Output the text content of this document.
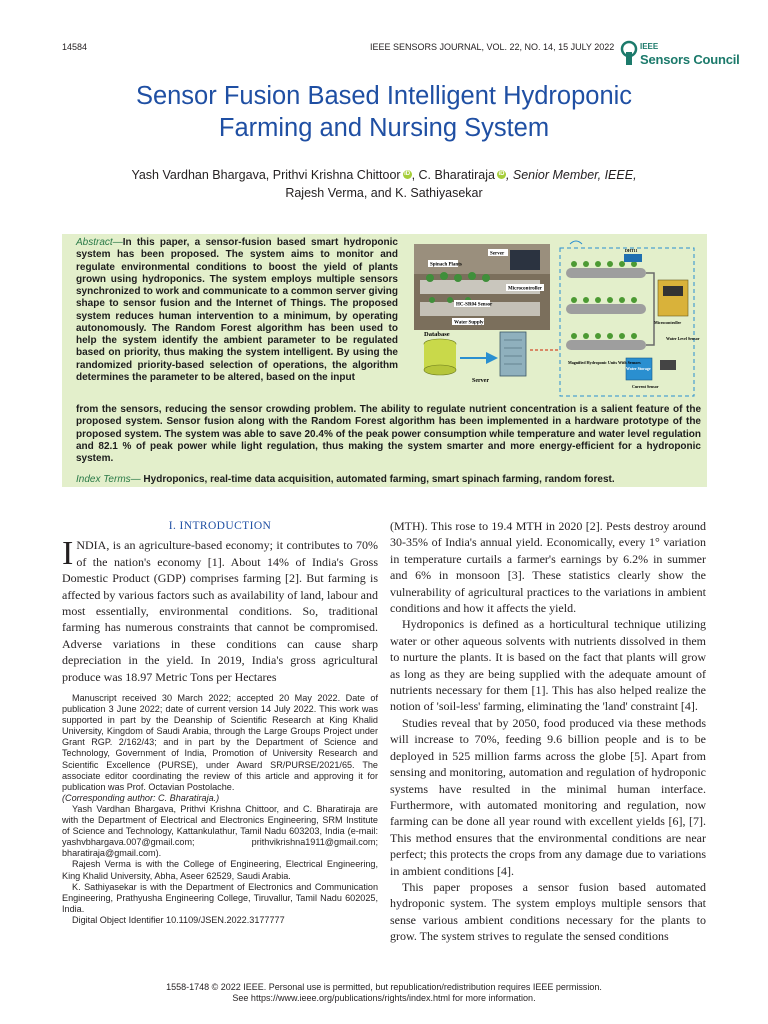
14584	IEEE SENSORS JOURNAL, VOL. 22, NO. 14, 15 JULY 2022	IEEE
Sensors Council
Sensor Fusion Based Intelligent Hydroponic
Farming and Nursing System
Yash Vardhan Bhargava, Prithvi Krishna Chittoor iD , C. Bharatiraja iD , Senior Member, IEEE,
Rajesh Verma, and K. Sathiyasekar
Abstract—In this paper, a sensor-fusion based smart hydroponic system has been proposed. The system aims to monitor and regulate environmental conditions to boost the yield of plants grown using hydroponics. The system employs multiple sensors synchronized to work and communicate to a common server giving shape to sensor fusion and the Internet of Things. The proposed system reduces human intervention to a minimum, by operating autonomously. The Random Forest algorithm has been used to help the system identify the ambient parameter to be regulated based on priority, thus making the system intelligent. By using the randomized priority-based selection of operations, the algorithm determines the parameter to be altered, based on the input
Spinach Plants
Server
Microcontroller
HC-SR04 Sensor
Water Supply
Database
Server
DHT11
Microcontroller
Water Level Sensor
Water Storage
Current Sensor
Magnified Hydroponic Units With Sensors
from the sensors, reducing the sensor crowding problem. The ability to regulate nutrient concentration is a salient feature of the proposed system. Sensor fusion along with the Random Forest algorithm has been implemented in a hardware prototype of the proposed system. The system was able to save 20.4% of the peak power consumption while temperature and water level regulation and 82.1 % of peak power while light regulation, thus making the system smarter and more energy-efficient for a hydroponic system.
Index Terms— Hydroponics, real-time data acquisition, automated farming, smart spinach farming, random forest.
I. INTRODUCTION

INDIA, is an agriculture-based economy; it contributes to 70% of the nation's economy [1]. About 14% of India's Gross Domestic Product (GDP) comprises farming [2]. But farming is affected by various factors such as availability of land, labour and most essentially, environmental conditions. So, traditional farming has numerous constraints that cannot be compromised. Adverse variations in these conditions can cause sharp depreciation in the yield. In 2019, India's gross agricultural produce was 18.97 Metric Tons per Hectares

Manuscript received 30 March 2022; accepted 20 May 2022. Date of publication 3 June 2022; date of current version 14 July 2022. This work was supported in part by the Deanship of Scientific Research at King Khalid University, Kingdom of Saudi Arabia, through the Large Groups Project under Grant RGP. 2/162/43; and in part by the Department of Science and Technology, Government of India, Promotion of University Research and Scientific Excellence (PURSE), under Award SR/PURSE/2021/65. The associate editor coordinating the review of this article and approving it for publication was Prof. Octavian Postolache.

(Corresponding author: C. Bharatiraja.)

Yash Vardhan Bhargava, Prithvi Krishna Chittoor, and C. Bharatiraja are with the Department of Electrical and Electronics Engineering, SRM Institute of Science and Technology, Kattankulathur, Tamil Nadu 603203, India (e-mail: yashvbhargava.007@gmail.com; prithvikrishna1911@gmail.com; bharatiraja@gmail.com).

Rajesh Verma is with the College of Engineering, Electrical Engineering, King Khalid University, Abha, Aseer 62529, Saudi Arabia.

K. Sathiyasekar is with the Department of Electronics and Communication Engineering, Prathyusha Engineering College, Tiruvallur, Tamil Nadu 602025, India.

Digital Object Identifier 10.1109/JSEN.2022.3177777

(MTH). This rose to 19.4 MTH in 2020 [2]. Pests destroy around 30-35% of India's annual yield. Economically, every 1° variation in temperature curtails a farmer's earnings by 6.2% in summer and 6% in monsoon [3]. These statistics clearly show the vulnerability of agricultural practices to the variations in ambient conditions and how it affects the yield.

Hydroponics is defined as a horticultural technique utilizing water or other aqueous solvents with nutrients dissolved in them to nurture the plants. It is based on the fact that plants will grow as long as they are being supplied with the adequate amount of nutrients necessary for them [1]. This has also helped realize the notion of 'soil-less' farming, eliminating the 'land' constraint [4].

Studies reveal that by 2050, food produced via these methods will increase to 70%, feeding 9.6 billion people and is to be deployed in 525 million farms across the globe [5]. Apart from sensing and monitoring, automation and regulation of hydroponic systems have resulted in the minimal human interface. Furthermore, with automated monitoring and regulation, now farming can be done all year round with excellent yields [6], [7]. This method ensures that the environmental conditions are near perfect; this protects the crops from any damage due to variations in ambient conditions [4].

This paper proposes a sensor fusion based automated hydroponic system. The system employs multiple sensors that sense various ambient conditions necessary for the plants to grow. The system strives to regulate the sensed conditions

1558-1748 © 2022 IEEE. Personal use is permitted, but republication/redistribution requires IEEE permission.
See https://www.ieee.org/publications/rights/index.html for more information.
